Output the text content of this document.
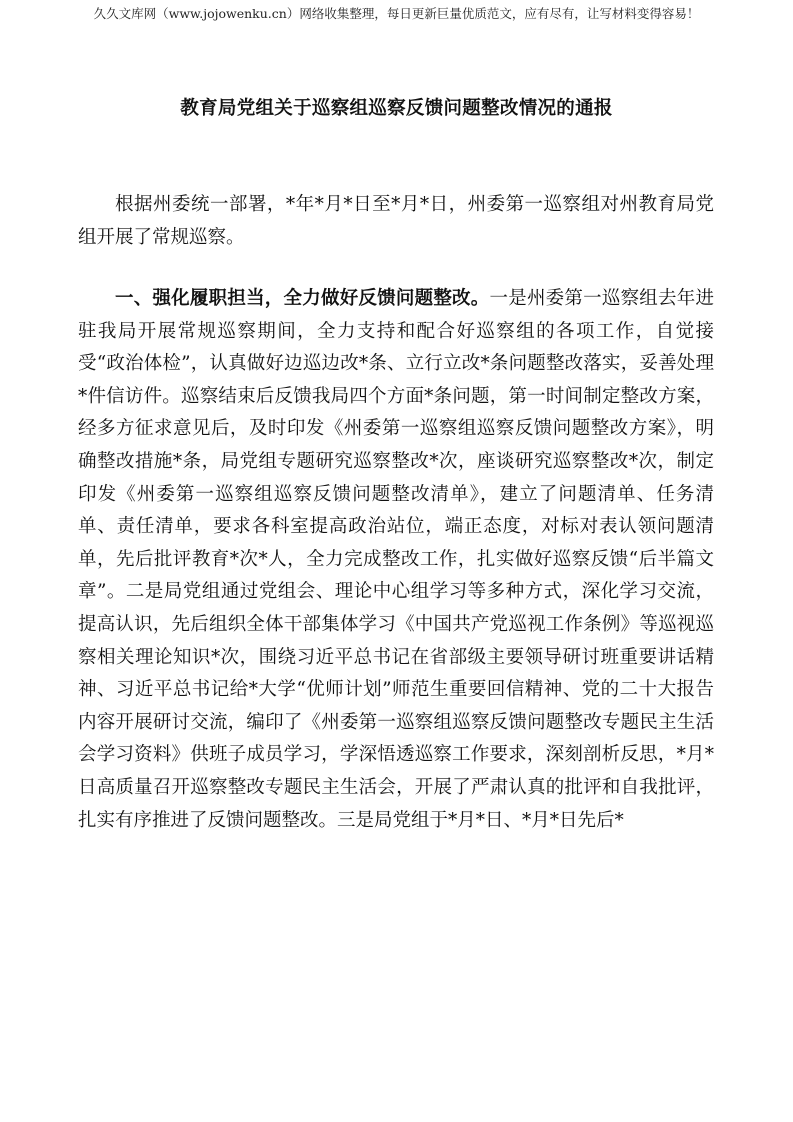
久久文库网（www.jojowenku.cn）网络收集整理，每日更新巨量优质范文，应有尽有，让写材料变得容易！
教育局党组关于巡察组巡察反馈问题整改情况的通报

根据州委统一部署，*年*月*日至*月*日，州委第一巡察组对州教育局党组开展了常规巡察。

一、强化履职担当，全力做好反馈问题整改。一是州委第一巡察组去年进驻我局开展常规巡察期间，全力支持和配合好巡察组的各项工作，自觉接受“政治体检”，认真做好边巡边改*条、立行立改*条问题整改落实，妥善处理*件信访件。巡察结束后反馈我局四个方面*条问题，第一时间制定整改方案，经多方征求意见后，及时印发《州委第一巡察组巡察反馈问题整改方案》，明确整改措施*条，局党组专题研究巡察整改*次，座谈研究巡察整改*次，制定印发《州委第一巡察组巡察反馈问题整改清单》，建立了问题清单、任务清单、责任清单，要求各科室提高政治站位，端正态度，对标对表认领问题清单，先后批评教育*次*人，全力完成整改工作，扎实做好巡察反馈“后半篇文章”。二是局党组通过党组会、理论中心组学习等多种方式，深化学习交流，提高认识，先后组织全体干部集体学习《中国共产党巡视工作条例》等巡视巡察相关理论知识*次，围绕习近平总书记在省部级主要领导研讨班重要讲话精神、习近平总书记给*大学“优师计划”师范生重要回信精神、党的二十大报告内容开展研讨交流，编印了《州委第一巡察组巡察反馈问题整改专题民主生活会学习资料》供班子成员学习，学深悟透巡察工作要求，深刻剖析反思，*月*日高质量召开巡察整改专题民主生活会，开展了严肃认真的批评和自我批评，扎实有序推进了反馈问题整改。三是局党组于*月*日、*月*日先后*
